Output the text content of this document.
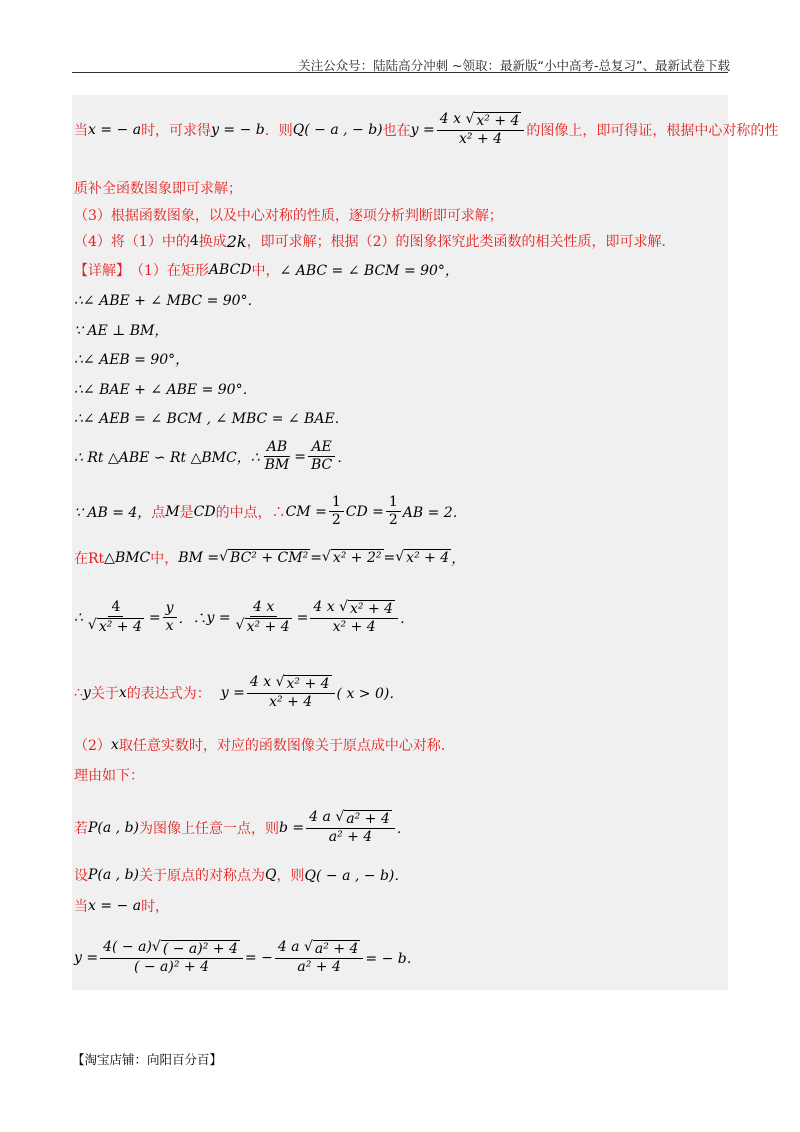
关注公众号：陆陆高分冲刺 ~领取：最新版“小中高考-总复习”、最新试卷下载
当 x = − a 时，可求得 y = − b ．则 Q( − a , − b) 也在 $y = \frac{\text{4 x √ x² + 4}}{\text{x² + 4}}$ 的图像上，即可得证，根据中心对称的性
质补全函数图象即可求解；
（3）根据函数图象，以及中心对称的性质，逐项分析判断即可求解；
（4）将（1）中的 4 换成 2k ，即可求解；根据（2）的图象探究此类函数的相关性质，即可求解．
【详解】 （1）在矩形 ABCD 中， ∠ ABC = ∠ BCM = 90°，
∴∠ ABE + ∠ MBC = 90°．
∵ AE ⊥ BM，
∴∠ AEB = 90°，
∴∠ BAE + ∠ ABE = 90°．
∴∠ AEB = ∠ BCM , ∠ MBC = ∠ BAE．
∴ Rt △ABE ∽ Rt △BMC，∴ $\frac{AB}{BM} = \frac{AE}{BC}$ ．
∵ AB = 4， 点 M 是 CD 的中点，∴ CM = $\frac{1}{2}$ CD = $\frac{1}{2}$ AB = 2．
在Rt △BMC 中， BM = √ BC² + CM² = √ x² + 2² = √ x² + 4 ，
∴ $\frac{4}{\text{√ x² + 4}} = \frac{y}{x}$ ．∴ $y = \frac{4 x}{\text{√ x² + 4}} = \frac{\text{4 x √ x² + 4}}{\text{x² + 4}}$ ．
∴ y 关于 x 的表达式为： $y = \frac{\text{4 x √ x² + 4}}{\text{x² + 4}}$ ( x > 0)．
（2） x 取任意实数时，对应的函数图像关于原点成中心对称．
理由如下：
若 P(a , b) 为图像上任意一点，则 $b = \frac{\text{4 a √ a² + 4}}{\text{a² + 4}}$ ．
设 P(a , b) 关于原点的对称点为 Q ，则 Q( − a , − b)．
当 x = − a 时，
$y = \frac{\text{4( − a) √ ( − a)² + 4}}{\text{( − a)² + 4}}$ = − $\frac{\text{4 a √ a² + 4}}{\text{a² + 4}}$ = − b．
【淘宝店铺：向阳百分百】
